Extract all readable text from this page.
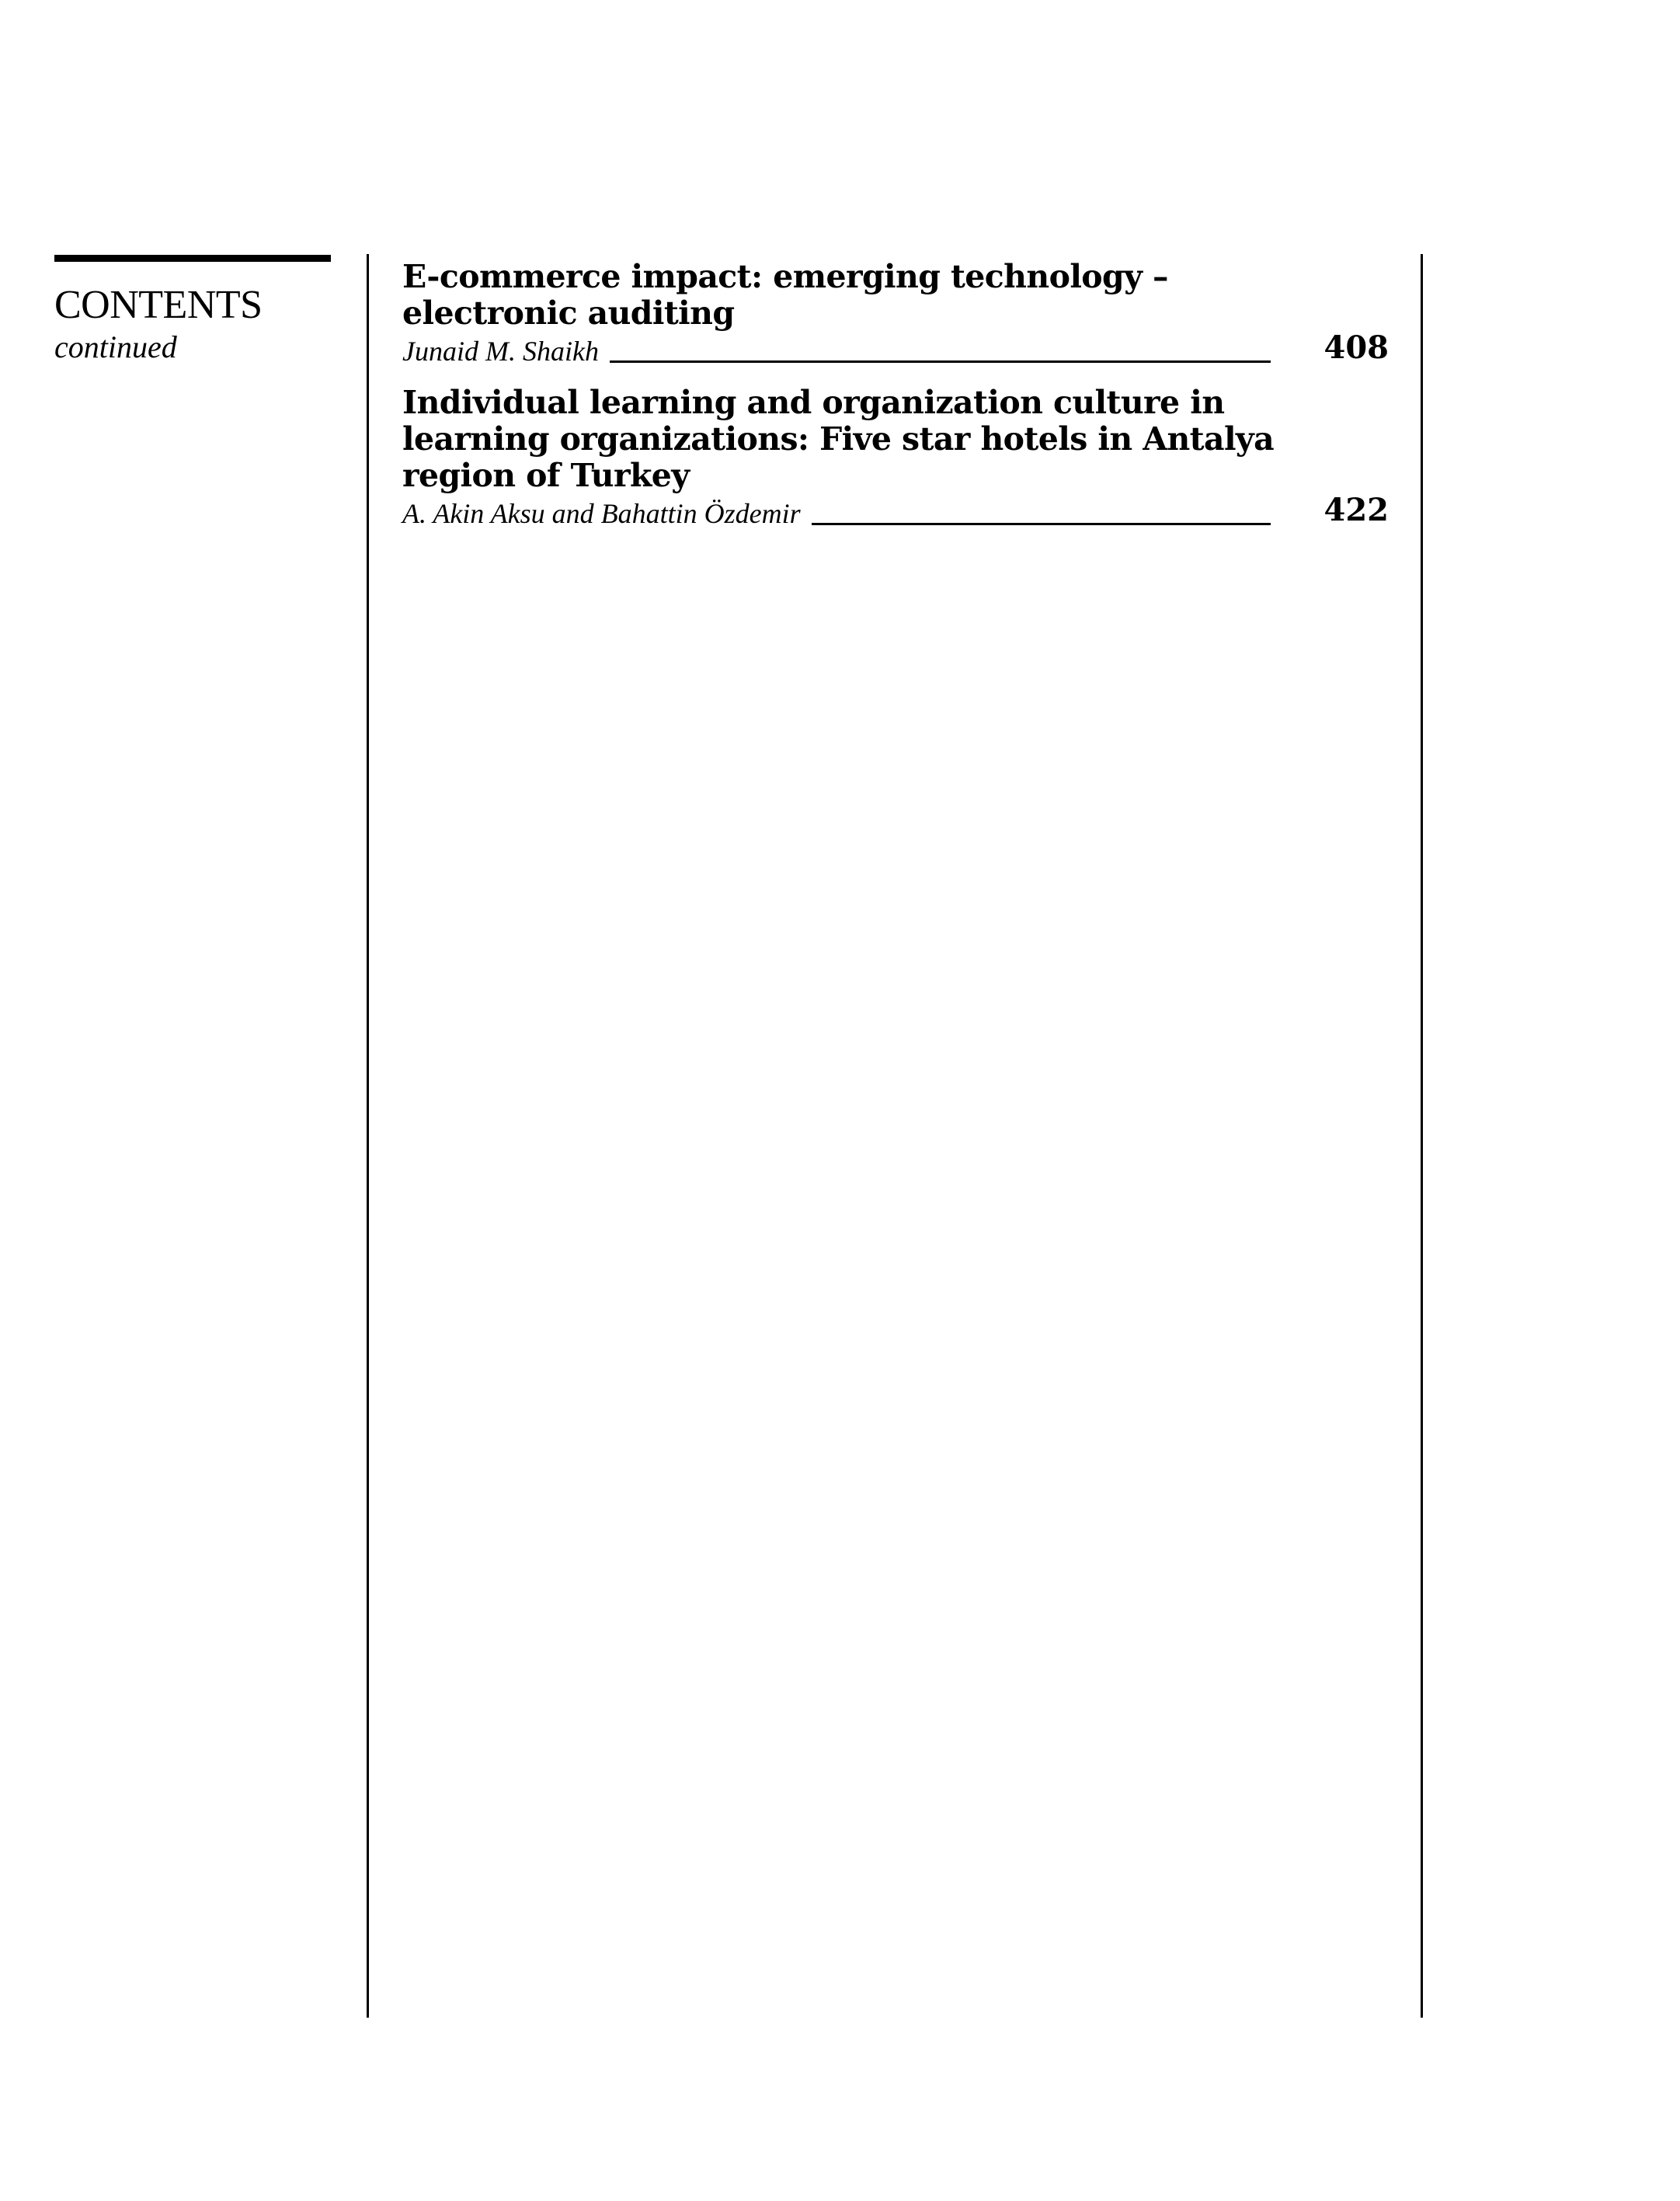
CONTENTS
continued
E-commerce impact: emerging technology – electronic auditing
Junaid M. Shaikh	408
Individual learning and organization culture in learning organizations: Five star hotels in Antalya region of Turkey
A. Akin Aksu and Bahattin Özdemir	422
